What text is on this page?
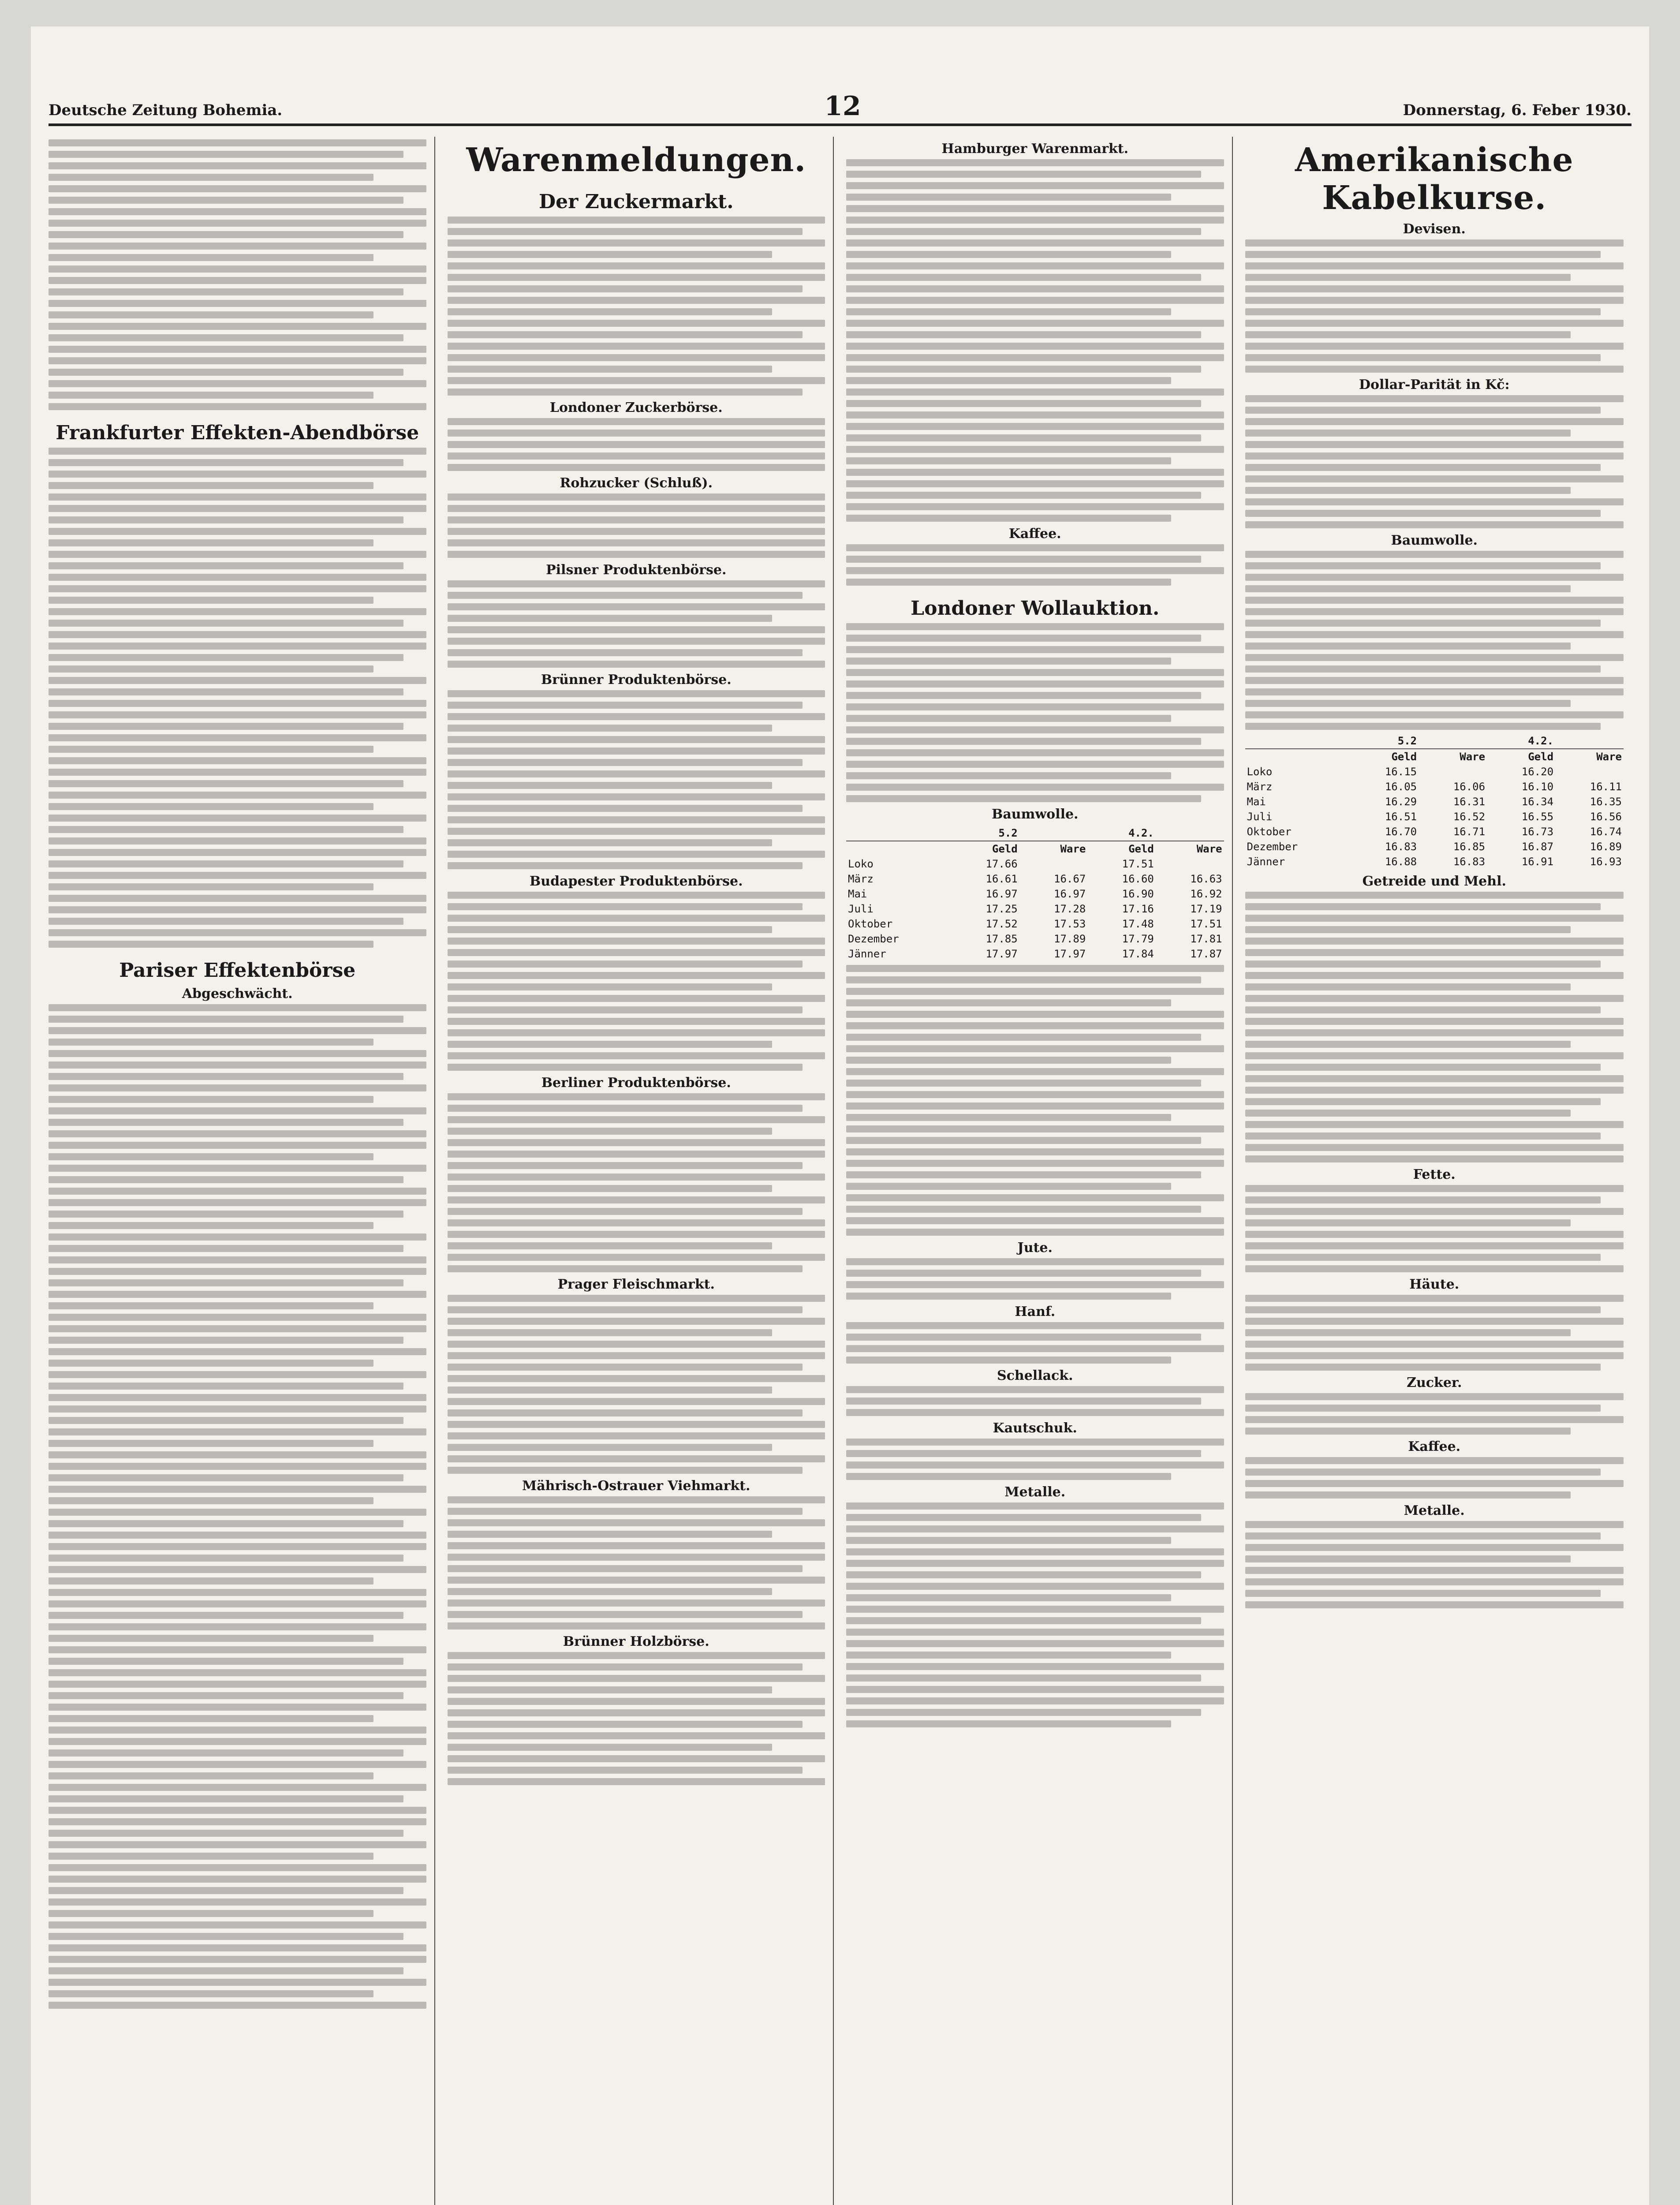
Deutsche Zeitung Bohemia.	12	Donnerstag, 6. Feber 1930.
Frankfurter Effekten-Abendbörse
Pariser Effektenbörse
Abgeschwächt.
Warenmeldungen.
Der Zuckermarkt.
Londoner Zuckerbörse.
Rohzucker (Schluß).
Pilsner Produktenbörse.
Brünner Produktenbörse.
Budapester Produktenbörse.
Berliner Produktenbörse.
Prager Fleischmarkt.
Mährisch-Ostrauer Viehmarkt.
Brünner Holzbörse.
Hamburger Warenmarkt.
Kaffee.
Londoner Wollauktion.
Baumwolle.
	5.2		4.2.	
	Geld	Ware	Geld	Ware
Loko	17.66		17.51	
März	16.61	16.67	16.60	16.63
Mai	16.97	16.97	16.90	16.92
Juli	17.25	17.28	17.16	17.19
Oktober	17.52	17.53	17.48	17.51
Dezember	17.85	17.89	17.79	17.81
Jänner	17.97	17.97	17.84	17.87
Jute.
Hanf.
Schellack.
Kautschuk.
Metalle.
Amerikanische Kabelkurse.
Devisen.
Dollar-Parität in Kč:
Baumwolle.
	5.2		4.2.	
	Geld	Ware	Geld	Ware
Loko	16.15		16.20	
März	16.05	16.06	16.10	16.11
Mai	16.29	16.31	16.34	16.35
Juli	16.51	16.52	16.55	16.56
Oktober	16.70	16.71	16.73	16.74
Dezember	16.83	16.85	16.87	16.89
Jänner	16.88	16.83	16.91	16.93
Getreide und Mehl.
Fette.
Häute.
Zucker.
Kaffee.
Metalle.
